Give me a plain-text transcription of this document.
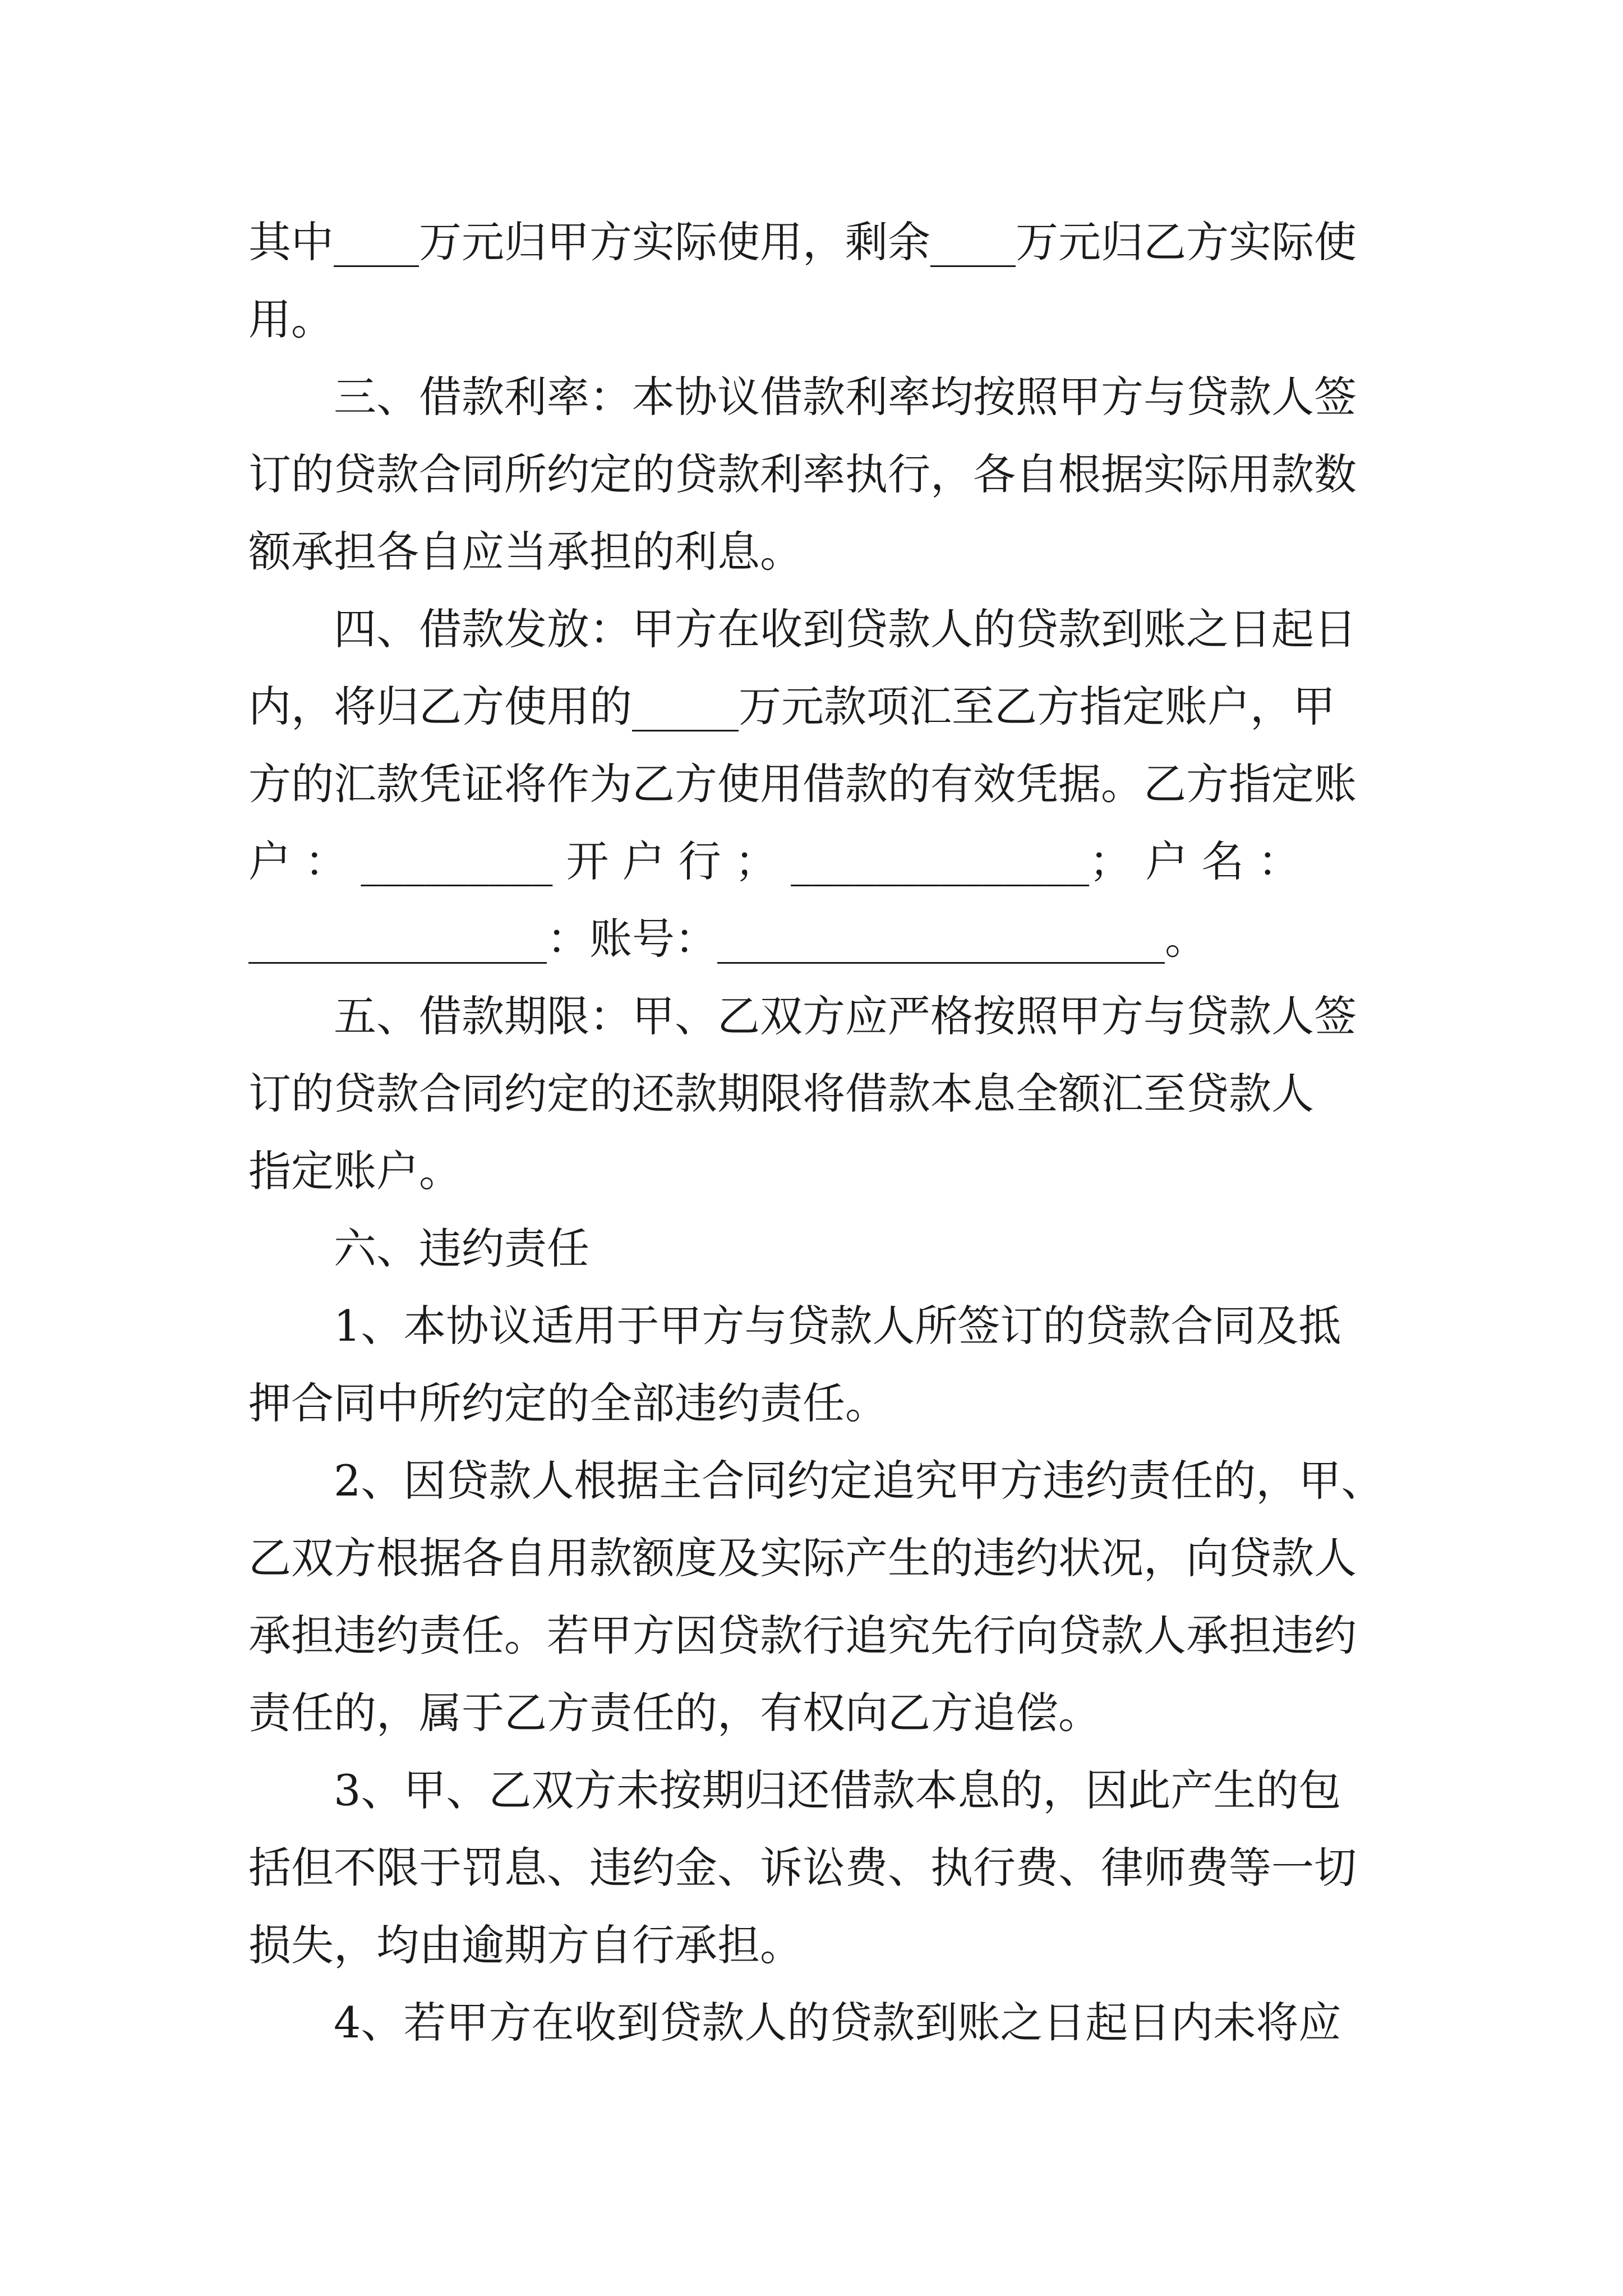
其中____万元归甲方实际使用，剩余____万元归乙方实际使
用。
三、借款利率：本协议借款利率均按照甲方与贷款人签
订的贷款合同所约定的贷款利率执行，各自根据实际用款数
额承担各自应当承担的利息。
四、借款发放：甲方在收到贷款人的贷款到账之日起日
内，将归乙方使用的_____万元款项汇至乙方指定账户，甲
方的汇款凭证将作为乙方使用借款的有效凭据。乙方指定账
户 ： _________ 开 户 行 ； ______________； 户 名 ：
______________：账号：_____________________。
五、借款期限：甲、乙双方应严格按照甲方与贷款人签
订的贷款合同约定的还款期限将借款本息全额汇至贷款人
指定账户。
六、违约责任
1、本协议适用于甲方与贷款人所签订的贷款合同及抵
押合同中所约定的全部违约责任。
2、因贷款人根据主合同约定追究甲方违约责任的，甲、
乙双方根据各自用款额度及实际产生的违约状况，向贷款人
承担违约责任。若甲方因贷款行追究先行向贷款人承担违约
责任的，属于乙方责任的，有权向乙方追偿。
3、甲、乙双方未按期归还借款本息的，因此产生的包
括但不限于罚息、违约金、诉讼费、执行费、律师费等一切
损失，均由逾期方自行承担。
4、若甲方在收到贷款人的贷款到账之日起日内未将应
